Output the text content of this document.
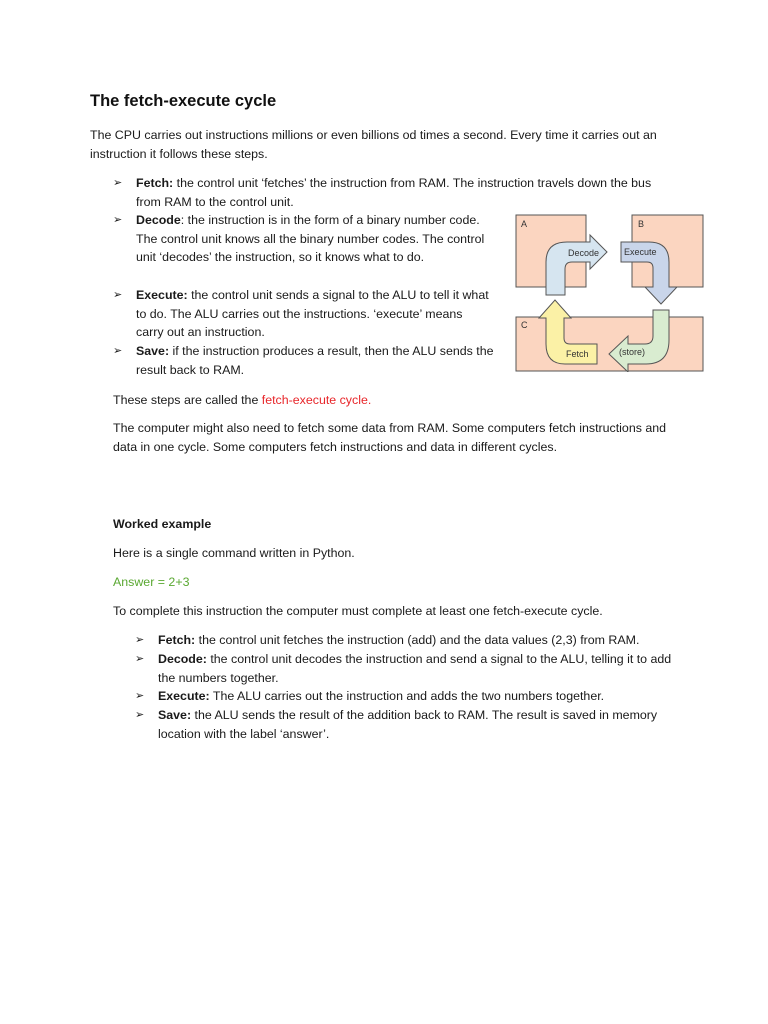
The fetch-execute cycle

The CPU carries out instructions millions or even billions od times a second. Every time it carries out an instruction it follows these steps.

➢ Fetch: the control unit ‘fetches’ the instruction from RAM. The instruction travels down the bus from RAM to the control unit.
➢ Decode: the instruction is in the form of a binary number code. The control unit knows all the binary number codes. The control unit ‘decodes’ the instruction, so it knows what to do.
➢ Execute: the control unit sends a signal to the ALU to tell it what to do. The ALU carries out the instructions. ‘execute’ means carry out an instruction.
➢ Save: if the instruction produces a result, then the ALU sends the result back to RAM.
A	B
C
Decode	Execute
(store)
Fetch

These steps are called the fetch-execute cycle.

The computer might also need to fetch some data from RAM. Some computers fetch instructions and data in one cycle. Some computers fetch instructions and data in different cycles.

Worked example

Here is a single command written in Python.

Answer = 2+3

To complete this instruction the computer must complete at least one fetch-execute cycle.

➢ Fetch: the control unit fetches the instruction (add) and the data values (2,3) from RAM.
➢ Decode: the control unit decodes the instruction and send a signal to the ALU, telling it to add the numbers together.
➢ Execute: The ALU carries out the instruction and adds the two numbers together.
➢ Save: the ALU sends the result of the addition back to RAM. The result is saved in memory location with the label ‘answer’.
